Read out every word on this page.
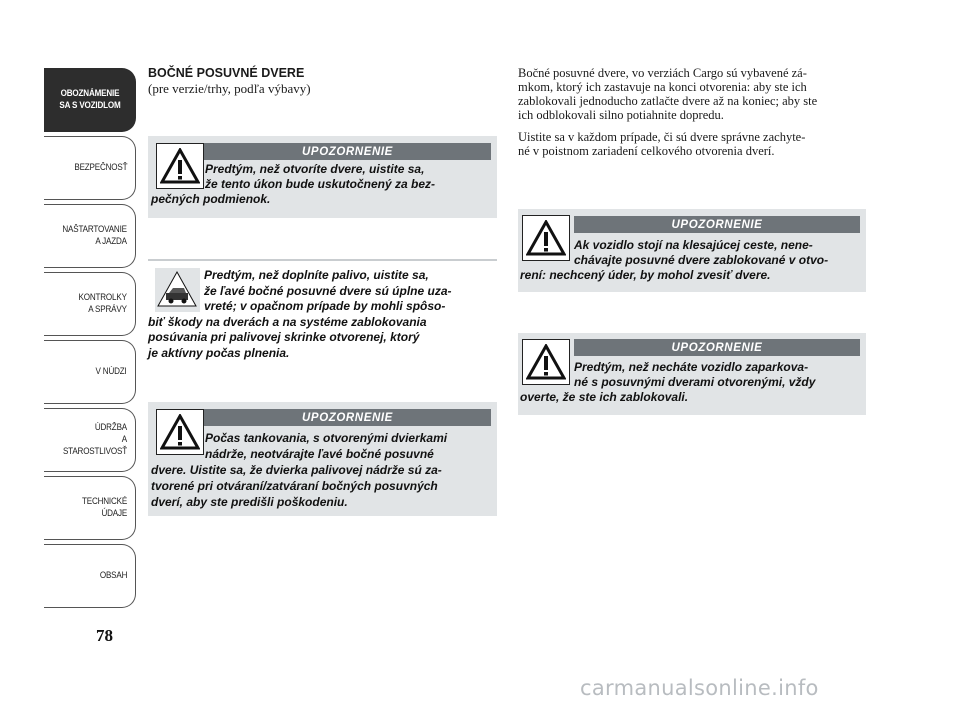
OBOZNÁMENIE
SA S VOZIDLOM
BEZPEČNOSŤ
NAŠTARTOVANIE
A JAZDA
KONTROLKY
A SPRÁVY
V NÚDZI
ÚDRŽBA
A STAROSTLIVOSŤ
TECHNICKÉ
ÚDAJE
OBSAH
78
BOČNÉ POSUVNÉ DVERE
(pre verzie/trhy, podľa výbavy)
UPOZORNENIE
Predtým, než otvoríte dvere, uistite sa,
že tento úkon bude uskutočnený za bez-
pečných podmienok.
Predtým, než doplníte palivo, uistite sa,
že ľavé bočné posuvné dvere sú úplne uza-
vreté; v opačnom prípade by mohli spôso-
biť škody na dverách a na systéme zablokovania
posúvania pri palivovej skrinke otvorenej, ktorý
je aktívny počas plnenia.
UPOZORNENIE
Počas tankovania, s otvorenými dvierkami
nádrže, neotvárajte ľavé bočné posuvné
dvere. Uistite sa, že dvierka palivovej nádrže sú za-
tvorené pri otváraní/zatváraní bočných posuvných
dverí, aby ste predišli poškodeniu.

Bočné posuvné dvere, vo verziách Cargo sú vybavené zá-
mkom, ktorý ich zastavuje na konci otvorenia: aby ste ich
zablokovali jednoducho zatlačte dvere až na koniec; aby ste
ich odblokovali silno potiahnite dopredu.

Uistite sa v každom prípade, či sú dvere správne zachyte-
né v poistnom zariadení celkového otvorenia dverí.

UPOZORNENIE
Ak vozidlo stojí na klesajúcej ceste, nene-
chávajte posuvné dvere zablokované v otvo-
rení: nechcený úder, by mohol zvesiť dvere.
UPOZORNENIE
Predtým, než necháte vozidlo zaparkova-
né s posuvnými dverami otvorenými, vždy
overte, že ste ich zablokovali.
carmanualsonline.info
